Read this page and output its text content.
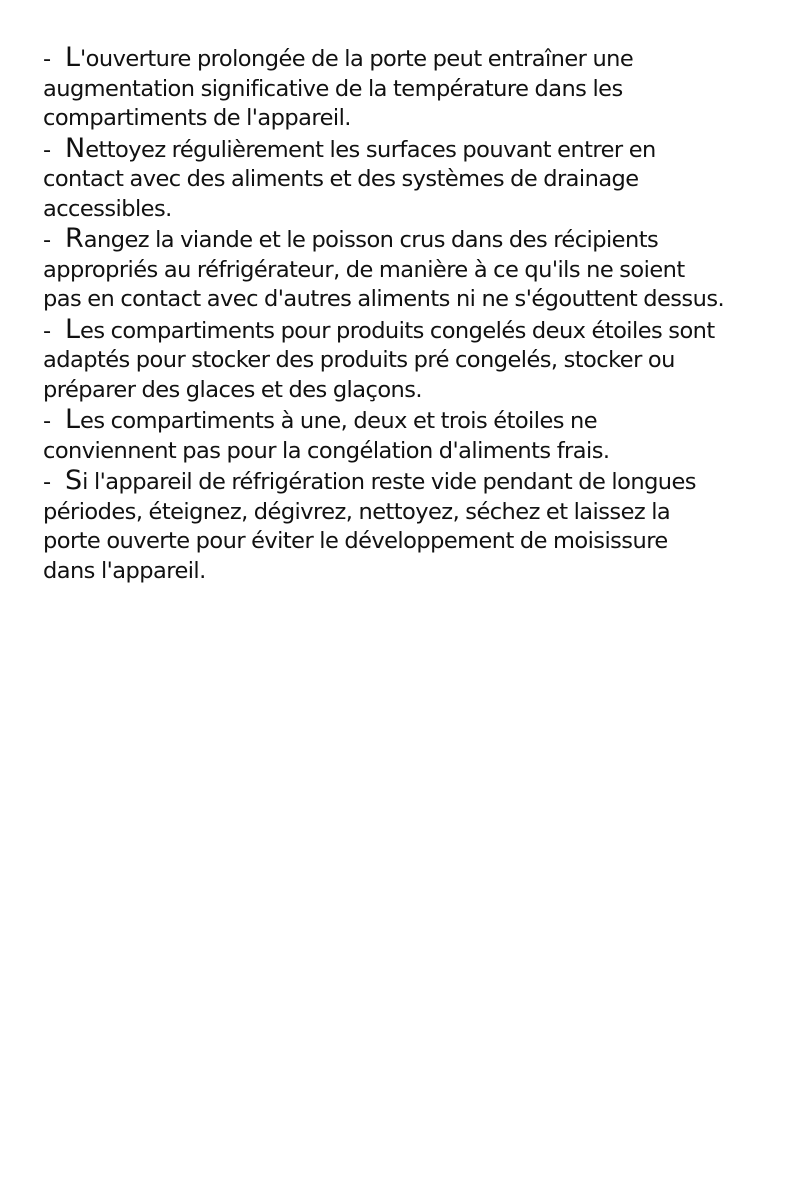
- L'ouverture prolongée de la porte peut entraîner une
augmentation significative de la température dans les
compartiments de l'appareil.
- Nettoyez régulièrement les surfaces pouvant entrer en
contact avec des aliments et des systèmes de drainage
accessibles.
- Rangez la viande et le poisson crus dans des récipients
appropriés au réfrigérateur, de manière à ce qu'ils ne soient
pas en contact avec d'autres aliments ni ne s'égouttent dessus.
- Les compartiments pour produits congelés deux étoiles sont
adaptés pour stocker des produits pré congelés, stocker ou
préparer des glaces et des glaçons.
- Les compartiments à une, deux et trois étoiles ne
conviennent pas pour la congélation d'aliments frais.
- Si l'appareil de réfrigération reste vide pendant de longues
périodes, éteignez, dégivrez, nettoyez, séchez et laissez la
porte ouverte pour éviter le développement de moisissure
dans l'appareil.
